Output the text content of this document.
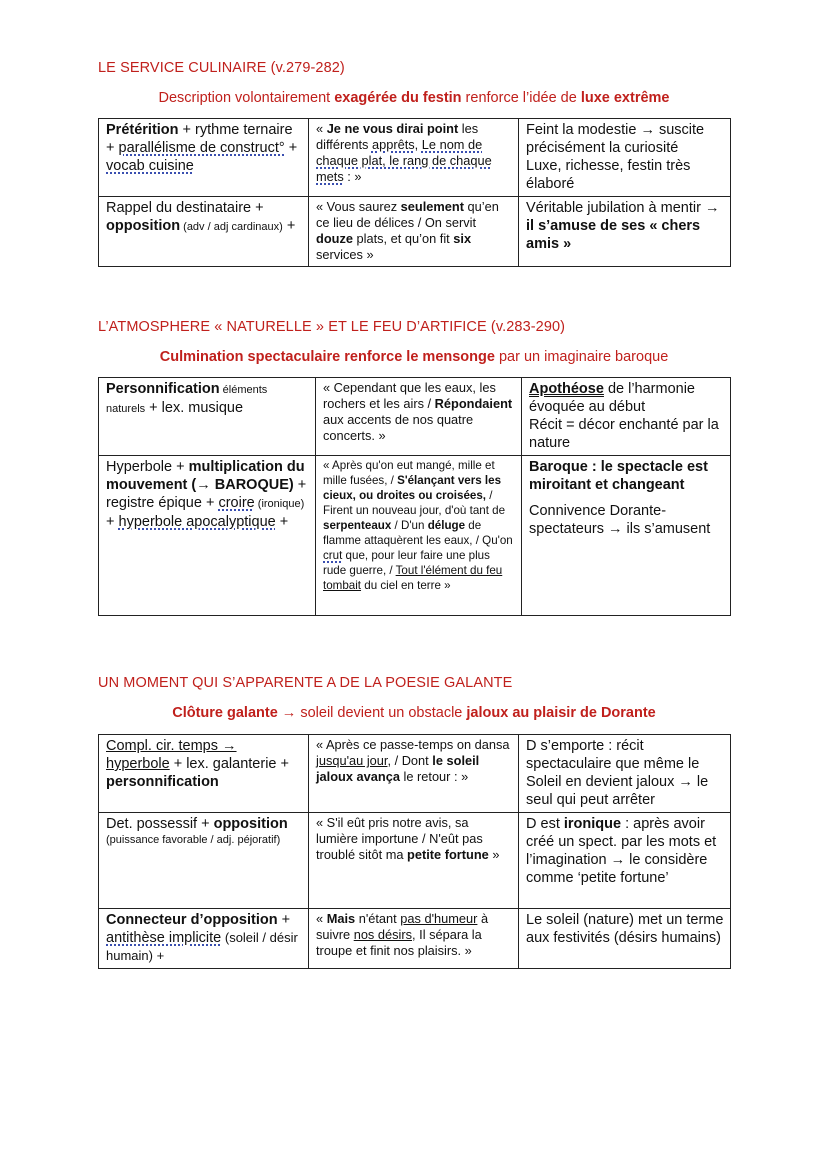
LE SERVICE CULINAIRE (v.279-282)
Description volontairement exagérée du festin renforce l’idée de luxe extrême
Prétérition + rythme ternaire + parallélisme de construct° + vocab cuisine	« Je ne vous dirai point les différents apprêts, Le nom de chaque plat, le rang de chaque mets : »	Feint la modestie → suscite précisément la curiosité
Luxe, richesse, festin très élaboré

Rappel du destinataire + opposition (adv / adj cardinaux) +	« Vous saurez seulement qu’en ce lieu de délices / On servit douze plats, et qu’on fit six services »	Véritable jubilation à mentir → il s’amuse de ses « chers amis »
L’ATMOSPHERE « NATURELLE » ET LE FEU D’ARTIFICE (v.283-290)
Culmination spectaculaire renforce le mensonge par un imaginaire baroque
Personnification éléments naturels + lex. musique	« Cependant que les eaux, les rochers et les airs / Répondaient aux accents de nos quatre concerts. »	Apothéose de l’harmonie évoquée au début
Récit = décor enchanté par la nature

Hyperbole + multiplication du mouvement (→ BAROQUE) + registre épique + croire (ironique) + hyperbole apocalyptique +	« Après qu'on eut mangé, mille et mille fusées, / S'élançant vers les cieux, ou droites ou croisées, / Firent un nouveau jour, d'où tant de serpenteaux / D'un déluge de flamme attaquèrent les eaux, / Qu'on crut que, pour leur faire une plus rude guerre, / Tout l'élément du feu tombait du ciel en terre »	Baroque : le spectacle est miroitant et changeant
Connivence Dorante-spectateurs → ils s’amusent
UN MOMENT QUI S’APPARENTE A DE LA POESIE GALANTE
Clôture galante → soleil devient un obstacle jaloux au plaisir de Dorante
Compl. cir. temps → hyperbole + lex. galanterie + personnification	« Après ce passe-temps on dansa jusqu'au jour, / Dont le soleil jaloux avança le retour : »	D s’emporte : récit spectaculaire que même le Soleil en devient jaloux → le seul qui peut arrêter
Det. possessif + opposition
(puissance favorable / adj. péjoratif)	« S'il eût pris notre avis, sa lumière importune / N'eût pas troublé sitôt ma petite fortune »	D est ironique : après avoir créé un spect. par les mots et l’imagination → le considère comme ‘petite fortune’
Connecteur d’opposition + antithèse implicite (soleil / désir humain) +	« Mais n'étant pas d'humeur à suivre nos désirs, Il sépara la troupe et finit nos plaisirs. »	Le soleil (nature) met un terme aux festivités (désirs humains)
